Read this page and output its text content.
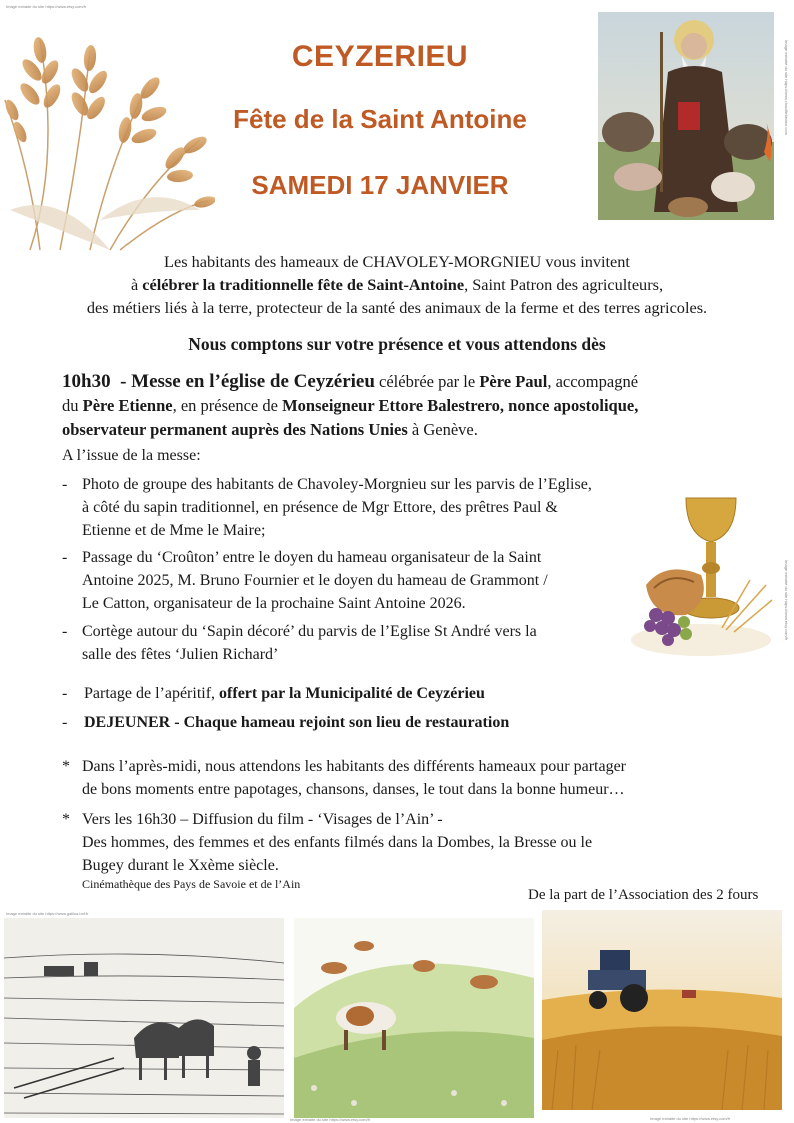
Image extraite du site https://www.etsy.com/fr
CEYZERIEU
Fête de la Saint Antoine
SAMEDI 17 JANVIER
Image extraite du site https://www.cloudfieldsimo.com
Les habitants des hameaux de CHAVOLEY-MORGNIEU vous invitent
à célébrer la traditionnelle fête de Saint-Antoine, Saint Patron des agriculteurs,
des métiers liés à la terre, protecteur de la santé des animaux de la ferme et des terres agricoles.
Nous comptons sur votre présence et vous attendons dès
10h30  - Messe en l’église de Ceyzérieu célébrée par le Père Paul, accompagné
du Père Etienne, en présence de Monseigneur Ettore Balestrero, nonce apostolique,
observateur permanent auprès des Nations Unies à Genève.
A l’issue de la messe:
- Photo de groupe des habitants de Chavoley-Morgnieu sur les parvis de l’Eglise,
à côté du sapin traditionnel, en présence de Mgr Ettore, des prêtres Paul &
Etienne et de Mme le Maire;
- Passage du ‘Croûton’ entre le doyen du hameau organisateur de la Saint
Antoine 2025, M. Bruno Fournier et le doyen du hameau de Grammont /
Le Catton, organisateur de la prochaine Saint Antoine 2026.
- Cortège autour du ‘Sapin décoré’ du parvis de l’Eglise St André vers la
salle des fêtes ‘Julien Richard’
-	Partage de l’apéritif, offert par la Municipalité de Ceyzérieu
-	DEJEUNER - Chaque hameau rejoint son lieu de restauration
* Dans l’après-midi, nous attendons les habitants des différents hameaux pour partager
de bons moments entre papotages, chansons, danses, le tout dans la bonne humeur…
* Vers les 16h30 – Diffusion du film - ‘Visages de l’Ain’ -
Des hommes, des femmes et des enfants filmés dans la Dombes, la Bresse ou le
Bugey durant le Xxème siècle.
Cinémathèque des Pays de Savoie et de l’Ain
De la part de l’Association des 2 fours
Image extraite du site https://www.etsy.com/fr
Image extraite du site https://www.gallica.bnf.fr
Image extraite du site https://www.etsy.com/fr	Image extraite du site https://www.etsy.com/fr
